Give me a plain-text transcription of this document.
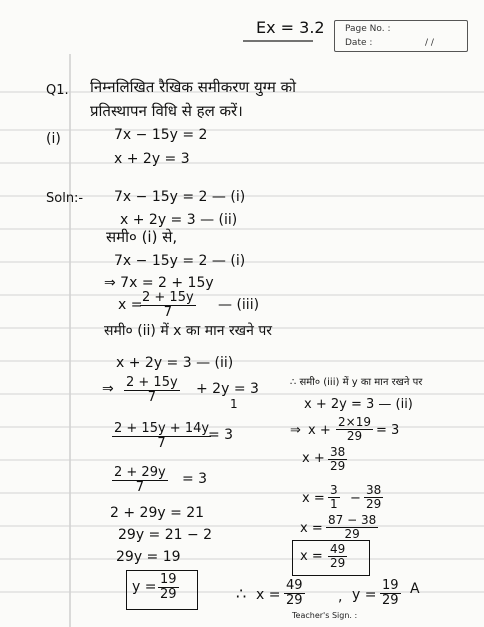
Ex = 3.2 Page No. :
Date :	/ /
Q1. निम्नलिखित रैखिक समीकरण युग्म को
प्रतिस्थापन विधि से हल करें।
(i)	7x − 15y = 2
x + 2y = 3
Soln:- 7x − 15y = 2 — (i)
x + 2y = 3 — (ii)
समी० (i) से,
7x − 15y = 2 — (i)
⇒ 7x = 2 + 15y
x =
$\frac{2 + 15y}{7}$ — (iii)
समी० (ii) में x का मान रखने पर
x + 2y = 3 — (ii)
⇒ $\frac{2 + 15y}{7} + 2y = 3$
1
$\frac{2 + 15y + 14y}{7}$
= 3
$\frac{2 + 29y}{7} = 3$
2 + 29y = 21
29y = 21 − 2
29y = 19
$y = \frac{19}{29}$
∴ समी० (iii) में y का मान रखने पर
x + 2y = 3 — (ii)
⇒ $x + \frac{2\times 19}{29} = 3$
$x + \frac{38}{29}$
$x = \frac{3}{1} - \frac{38}{29}$
$x = \frac{87 - 38}{29}$
$x = \frac{49}{29}$
∴ $x = \frac{49}{29}$ , $y = \frac{19}{29}$ A
Teacher's Sign. :
